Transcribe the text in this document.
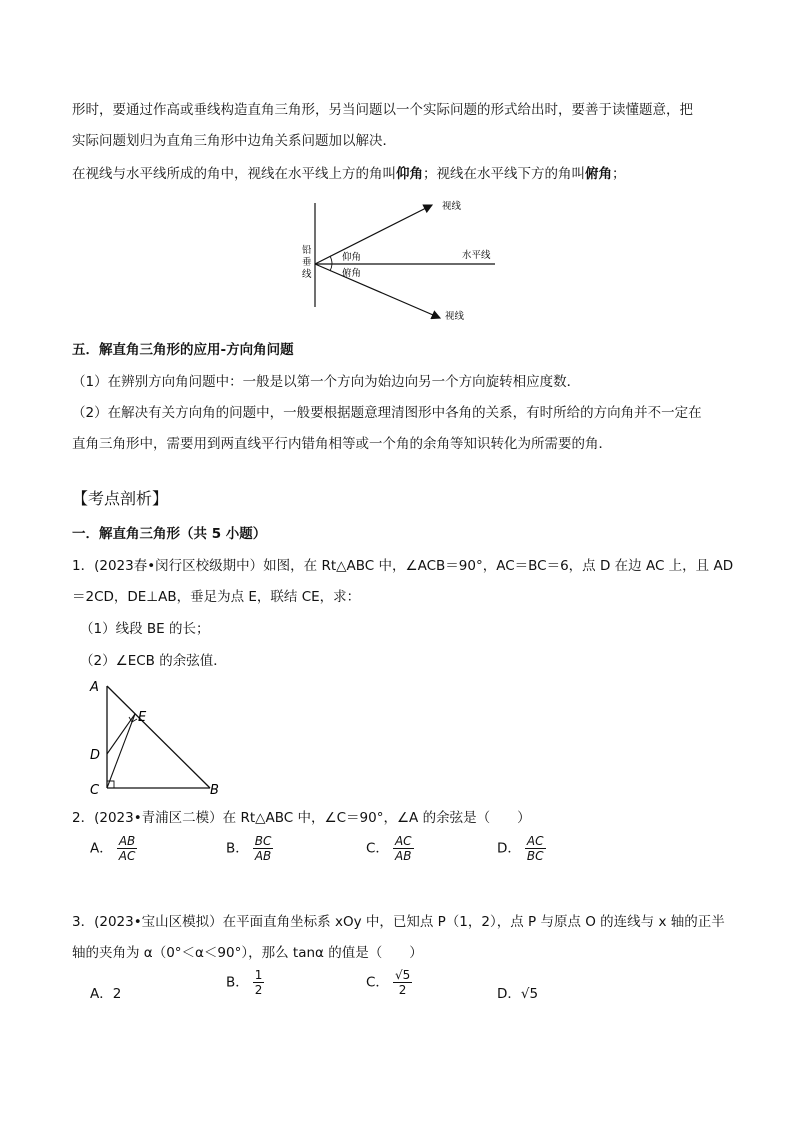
形时，要通过作高或垂线构造直角三角形，另当问题以一个实际问题的形式给出时，要善于读懂题意，把
实际问题划归为直角三角形中边角关系问题加以解决．
在视线与水平线所成的角中，视线在水平线上方的角叫仰角；视线在水平线下方的角叫俯角；
视线
水平线
仰角
俯角
视线
铅
垂
线
五．解直角三角形的应用-方向角问题
（1）在辨别方向角问题中：一般是以第一个方向为始边向另一个方向旋转相应度数．
（2）在解决有关方向角的问题中，一般要根据题意理清图形中各角的关系，有时所给的方向角并不一定在
直角三角形中，需要用到两直线平行内错角相等或一个角的余角等知识转化为所需要的角．
【考点剖析】
一．解直角三角形（共 5 小题）
1．(2023春•闵行区校级期中）如图，在 Rt△ABC 中，∠ACB＝90°，AC＝BC＝6，点 D 在边 AC 上，且 AD
＝2CD，DE⊥AB，垂足为点 E，联结 CE，求：
（1）线段 BE 的长；
（2）∠ECB 的余弦值．
A
E
D
C	B
2．(2023•青浦区二模）在 Rt△ABC 中，∠C＝90°，∠A 的余弦是（　　）
A． $\frac{AB}{AC}$	B． $\frac{BC}{AB}$	C． $\frac{AC}{AB}$	D． $\frac{AC}{BC}$
3．(2023•宝山区模拟）在平面直角坐标系 xOy 中，已知点 P（1，2），点 P 与原点 O 的连线与 x 轴的正半
轴的夹角为 α（0°＜α＜90°），那么 tanα 的值是（　　）
A．2
B． $\frac{1}{2}$	C． $\frac{√5}{2}$	D．√5
